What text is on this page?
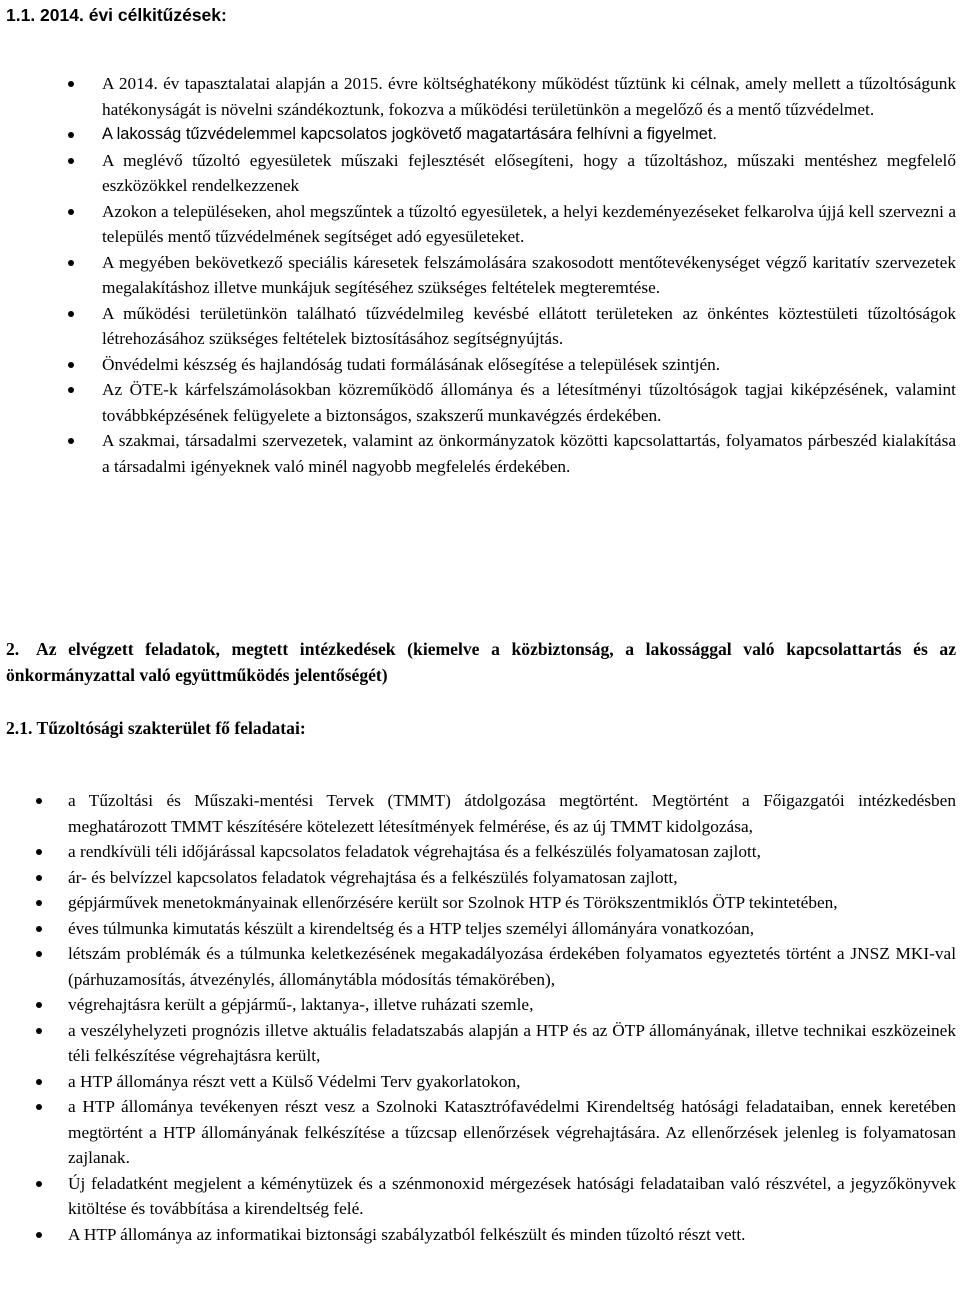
1.1. 2014. évi célkitűzések:
A 2014. év tapasztalatai alapján a 2015. évre költséghatékony működést tűztünk ki célnak, amely mellett a tűzoltóságunk hatékonyságát is növelni szándékoztunk, fokozva a működési területünkön a megelőző és a mentő tűzvédelmet.
A lakosság tűzvédelemmel kapcsolatos jogkövető magatartására felhívni a figyelmet.
A meglévő tűzoltó egyesületek műszaki fejlesztését elősegíteni, hogy a tűzoltáshoz, műszaki mentéshez megfelelő eszközökkel rendelkezzenek
Azokon a településeken, ahol megszűntek a tűzoltó egyesületek, a helyi kezdeményezéseket felkarolva újjá kell szervezni a település mentő tűzvédelmének segítséget adó egyesületeket.
A megyében bekövetkező speciális káresetek felszámolására szakosodott mentőtevékenységet végző karitatív szervezetek megalakításhoz illetve munkájuk segítéséhez szükséges feltételek megteremtése.
A működési területünkön található tűzvédelmileg kevésbé ellátott területeken az önkéntes köztestületi tűzoltóságok létrehozásához szükséges feltételek biztosításához segítségnyújtás.
Önvédelmi készség és hajlandóság tudati formálásának elősegítése a települések szintjén.
Az ÖTE-k kárfelszámolásokban közreműködő állománya és a létesítményi tűzoltóságok tagjai kiképzésének, valamint továbbképzésének felügyelete a biztonságos, szakszerű munkavégzés érdekében.
A szakmai, társadalmi szervezetek, valamint az önkormányzatok közötti kapcsolattartás, folyamatos párbeszéd kialakítása a társadalmi igényeknek való minél nagyobb megfelelés érdekében.
2. Az elvégzett feladatok, megtett intézkedések (kiemelve a közbiztonság, a lakossággal való kapcsolattartás és az önkormányzattal való együttműködés jelentőségét)
2.1. Tűzoltósági szakterület fő feladatai:
a Tűzoltási és Műszaki-mentési Tervek (TMMT) átdolgozása megtörtént. Megtörtént a Főigazgatói intézkedésben meghatározott TMMT készítésére kötelezett létesítmények felmérése, és az új TMMT kidolgozása,
a rendkívüli téli időjárással kapcsolatos feladatok végrehajtása és a felkészülés folyamatosan zajlott,
ár- és belvízzel kapcsolatos feladatok végrehajtása és a felkészülés folyamatosan zajlott,
gépjárművek menetokmányainak ellenőrzésére került sor Szolnok HTP és Törökszentmiklós ÖTP tekintetében,
éves túlmunka kimutatás készült a kirendeltség és a HTP teljes személyi állományára vonatkozóan,
létszám problémák és a túlmunka keletkezésének megakadályozása érdekében folyamatos egyeztetés történt a JNSZ MKI-val (párhuzamosítás, átvezénylés, állománytábla módosítás témakörében),
végrehajtásra került a gépjármű-, laktanya-, illetve ruházati szemle,
a veszélyhelyzeti prognózis illetve aktuális feladatszabás alapján a HTP és az ÖTP állományának, illetve technikai eszközeinek téli felkészítése végrehajtásra került,
a HTP állománya részt vett a Külső Védelmi Terv gyakorlatokon,
a HTP állománya tevékenyen részt vesz a Szolnoki Katasztrófavédelmi Kirendeltség hatósági feladataiban, ennek keretében megtörtént a HTP állományának felkészítése a tűzcsap ellenőrzések végrehajtására. Az ellenőrzések jelenleg is folyamatosan zajlanak.
Új feladatként megjelent a kéménytüzek és a szénmonoxid mérgezések hatósági feladataiban való részvétel, a jegyzőkönyvek kitöltése és továbbítása a kirendeltség felé.
A HTP állománya az informatikai biztonsági szabályzatból felkészült és minden tűzoltó részt vett.
